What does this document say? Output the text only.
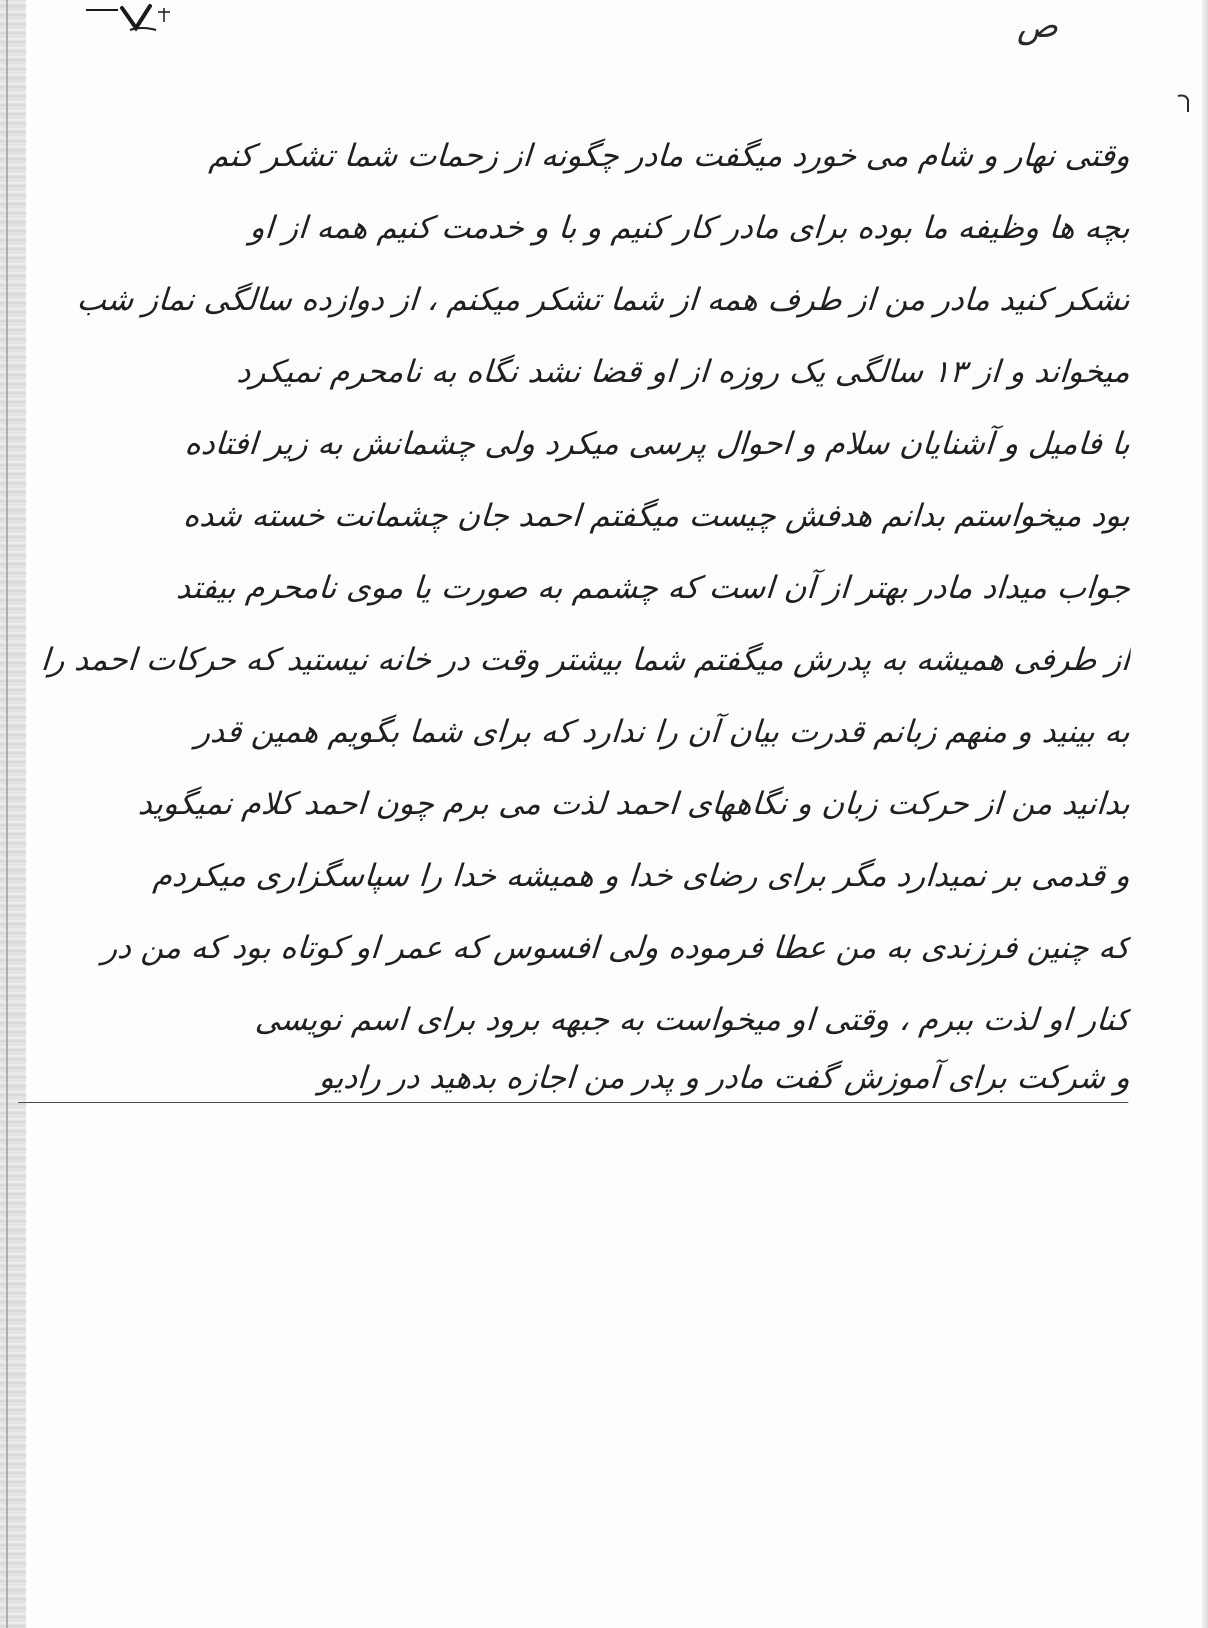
ص
وقتی نهار و شام می خورد میگفت مادر چگونه از زحمات شما تشکر کنم
بچه ها وظیفه ما بوده برای مادر کار کنیم و با و خدمت کنیم همه از او
تشکر کنید مادر من از طرف همه از شما تشکر میکنم ، از دوازده سالگی نماز شب
میخواند و از ۱۳ سالگی یک روزه از او قضا نشد نگاه به نامحرم نمیکرد
با فامیل و آشنایان سلام و احوال پرسی میکرد ولی چشمانش به زیر افتاده
بود میخواستم بدانم هدفش چیست میگفتم احمد جان چشمانت خسته شده
جواب میداد مادر بهتر از آن است که چشمم به صورت یا موی نامحرم بیفتد
از طرفی همیشه به پدرش میگفتم شما بیشتر وقت در خانه نیستید که حرکات احمد را
به بینید و منهم زبانم قدرت بیان آن را ندارد که برای شما بگویم همین قدر
بدانید من از حرکت زبان و نگاههای احمد لذت می برم چون احمد کلام نمیگوید
و قدمی بر نمیدارد مگر برای رضای خدا و همیشه خدا را سپاسگزاری میکردم
که چنین فرزندی به من عطا فرموده ولی افسوس که عمر او کوتاه بود که من در
کنار او لذت ببرم ، وقتی او میخواست به جبهه برود برای اسم نویسی
و شرکت برای آموزش گفت مادر و پدر من اجازه بدهید در رادیو
